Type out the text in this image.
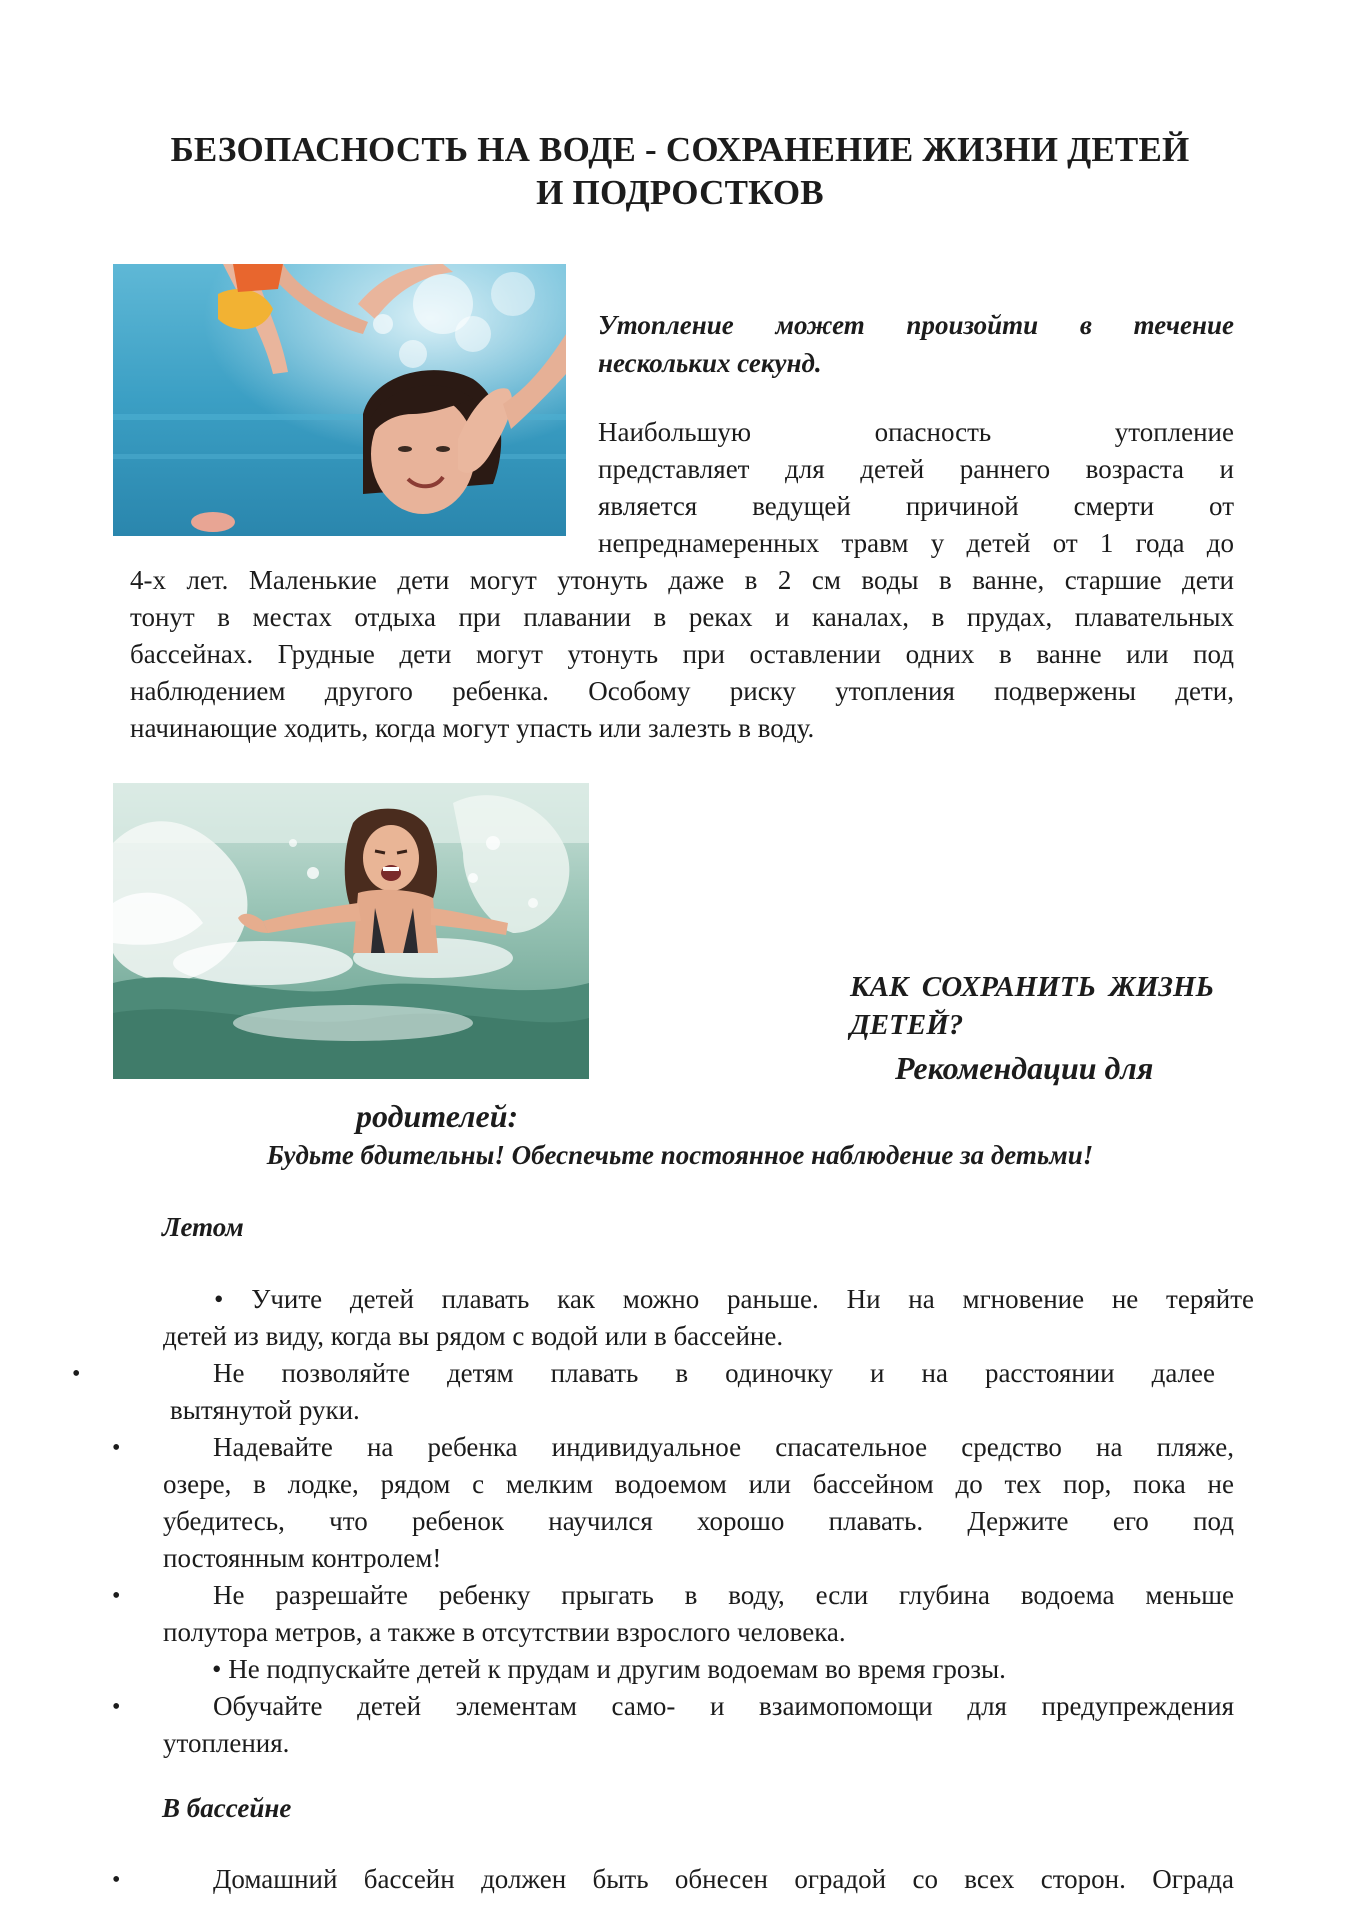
БЕЗОПАСНОСТЬ НА ВОДЕ - СОХРАНЕНИЕ ЖИЗНИ ДЕТЕЙ
И ПОДРОСТКОВ
Утопление может произойти в течение
нескольких секунд.
Наибольшую опасность утопление
представляет для детей раннего возраста и
является ведущей причиной смерти от
непреднамеренных травм у детей от 1 года до
4-х лет. Маленькие дети могут утонуть даже в 2 см воды в ванне, старшие дети
тонут в местах отдыха при плавании в реках и каналах, в прудах, плавательных
бассейнах. Грудные дети могут утонуть при оставлении одних в ванне или под
наблюдением другого ребенка. Особому риску утопления подвержены дети,
начинающие ходить, когда могут упасть или залезть в воду.
КАК СОХРАНИТЬ ЖИЗНЬ
ДЕТЕЙ?
Рекомендации для
родителей:
Будьте бдительны! Обеспечьте постоянное наблюдение за детьми!
Летом
• Учите детей плавать как можно раньше. Ни на мгновение не теряйте
детей из виду, когда вы рядом с водой или в бассейне.
•	Не позволяйте детям плавать в одиночку и на расстоянии далее
вытянутой руки.
•	Надевайте на ребенка индивидуальное спасательное средство на пляже,
озере, в лодке, рядом с мелким водоемом или бассейном до тех пор, пока не
убедитесь, что ребенок научился хорошо плавать. Держите его под
постоянным контролем!
•	Не разрешайте ребенку прыгать в воду, если глубина водоема меньше
полутора метров, а также в отсутствии взрослого человека.
• Не подпускайте детей к прудам и другим водоемам во время грозы.
•	Обучайте детей элементам само- и взаимопомощи для предупреждения
утопления.
В бассейне
•	Домашний бассейн должен быть обнесен оградой со всех сторон. Ограда
